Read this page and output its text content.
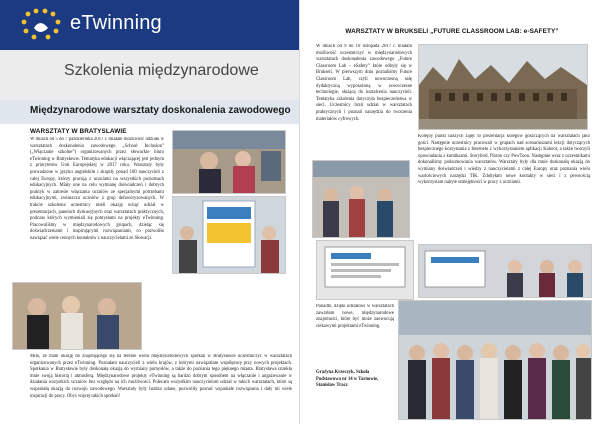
eTwinning
Szkolenia międzynarodowe
Międzynarodowe warsztaty doskonalenia zawodowego
WARSZTATY W BRATYSLAWIE
W dniach od 5 do 7 października 2017 r. miałam możliwość udziału w warsztatach doskonalenia zawodowego „School Inclusion” („Włączanie szkolne”) organizowanych przez słowackie biuro eTwinning w Bratysławie. Tematyka edukacji włączającej jest jednym z priorytetów Unii Europejskiej w 2017 roku. Warsztaty były prowadzone w języku angielskim i skupiły ponad 100 nauczycieli z całej Europy, którzy pracują z uczniami na wszystkich poziomach edukacyjnych. Miały one na celu wymianę doświadczeń i dobrych praktyk w zakresie włączania uczniów ze specjalnymi potrzebami edukacyjnymi, zwłaszcza uczniów z grup defaworyzowanych. W trakcie szkolenia uczestnicy mieli okazję wziąć udział w prezentacjach, panelach dyskusyjnych oraz warsztatach praktycznych, podczas których wymieniali się pomysłami na projekty eTwinning. Pracowaliśmy w międzynarodowych grupach, dzieląc się doświadczeniami i inspirującymi rozwiązaniami, co pozwoliło nawiązać wiele cennych kontaktów z nauczycielami ze Słowacji.
Miło, że mam okazję do znajdującego się na terenie wielu międzynarodowych spotkań w Bratysławie uczestniczyć w warsztatach organizowanych przez eTwinning. Poznałam nauczycieli z wielu krajów, z którymi nawiązałam współpracę przy nowych projektach. Spotkania w Bratysławie były doskonałą okazją do wymiany pomysłów, a także do poznania tego pięknego miasta. Bratysława urzekła mnie swoją historią i atmosferą. Międzynarodowe projekty eTwinning są bardzo dobrym sposobem na włączanie i angażowanie w działania wszystkich uczniów bez względu na ich możliwości. Polecam wszystkim nauczycielom udział w takich warsztatach, które są wspaniałą okazją do rozwoju zawodowego. Warsztaty były bardzo udane, pozwoliły poznać wspaniałe rozwiązania i dały mi wiele inspiracji do pracy. Obyś więcej takich spotkań!
WARSZTATY W BRUKSELI „FUTURE CLASSROOM LAB: e-SAFETY”
W dniach od 9 do 10 listopada 2017 r. miałam możliwość uczestniczyć w międzynarodowych warsztatach doskonalenia zawodowego „Future Classroom Lab – eSafety” które odbyły się w Brukseli. W pierwszym dniu poznaliśmy Future Classroom Lab, czyli nowoczesną salę dydaktyczną wyposażoną w nowoczesne technologie, służącą do kształcenia nauczycieli. Tematyka szkolenia dotyczyła bezpieczeństwa w sieci. Uczestnicy brali udział w warsztatach praktycznych i poznali narzędzia do tworzenia materiałów cyfrowych.
Kolejny punkt naszych zajęć to prezentacja kolegów goszczących na warsztatach jako gości. Następnie uczestnicy pracowali w grupach nad scenariuszami lekcji dotyczących bezpiecznego korzystania z Internetu z wykorzystaniem aplikacji Kahoot, a także tworzyli opowiadania z komiksami. Storybird, Pixton czy PowToon. Następnie wraz z uczestnikami dokonaliśmy podsumowania warsztatów. Warsztaty były dla mnie doskonałą okazją do wymiany doświadczeń i wiedzy z nauczycielami z całej Europy oraz poznania wielu wartościowych narzędzi TIK. Zdobyłam nowe kontakty w sieci i z pewnością wykorzystam nabyte umiejętności w pracy z uczniami.
Ponadto, dzięki udziałowi w warsztatach zawarłam nowe, międzynarodowe znajomości, które być może zaowocują ciekawymi projektami eTwinning.
Grażyna Krzeczyk, Szkoła Podstawowa nr 14 w Tarnowie, Stanisław Tracz
